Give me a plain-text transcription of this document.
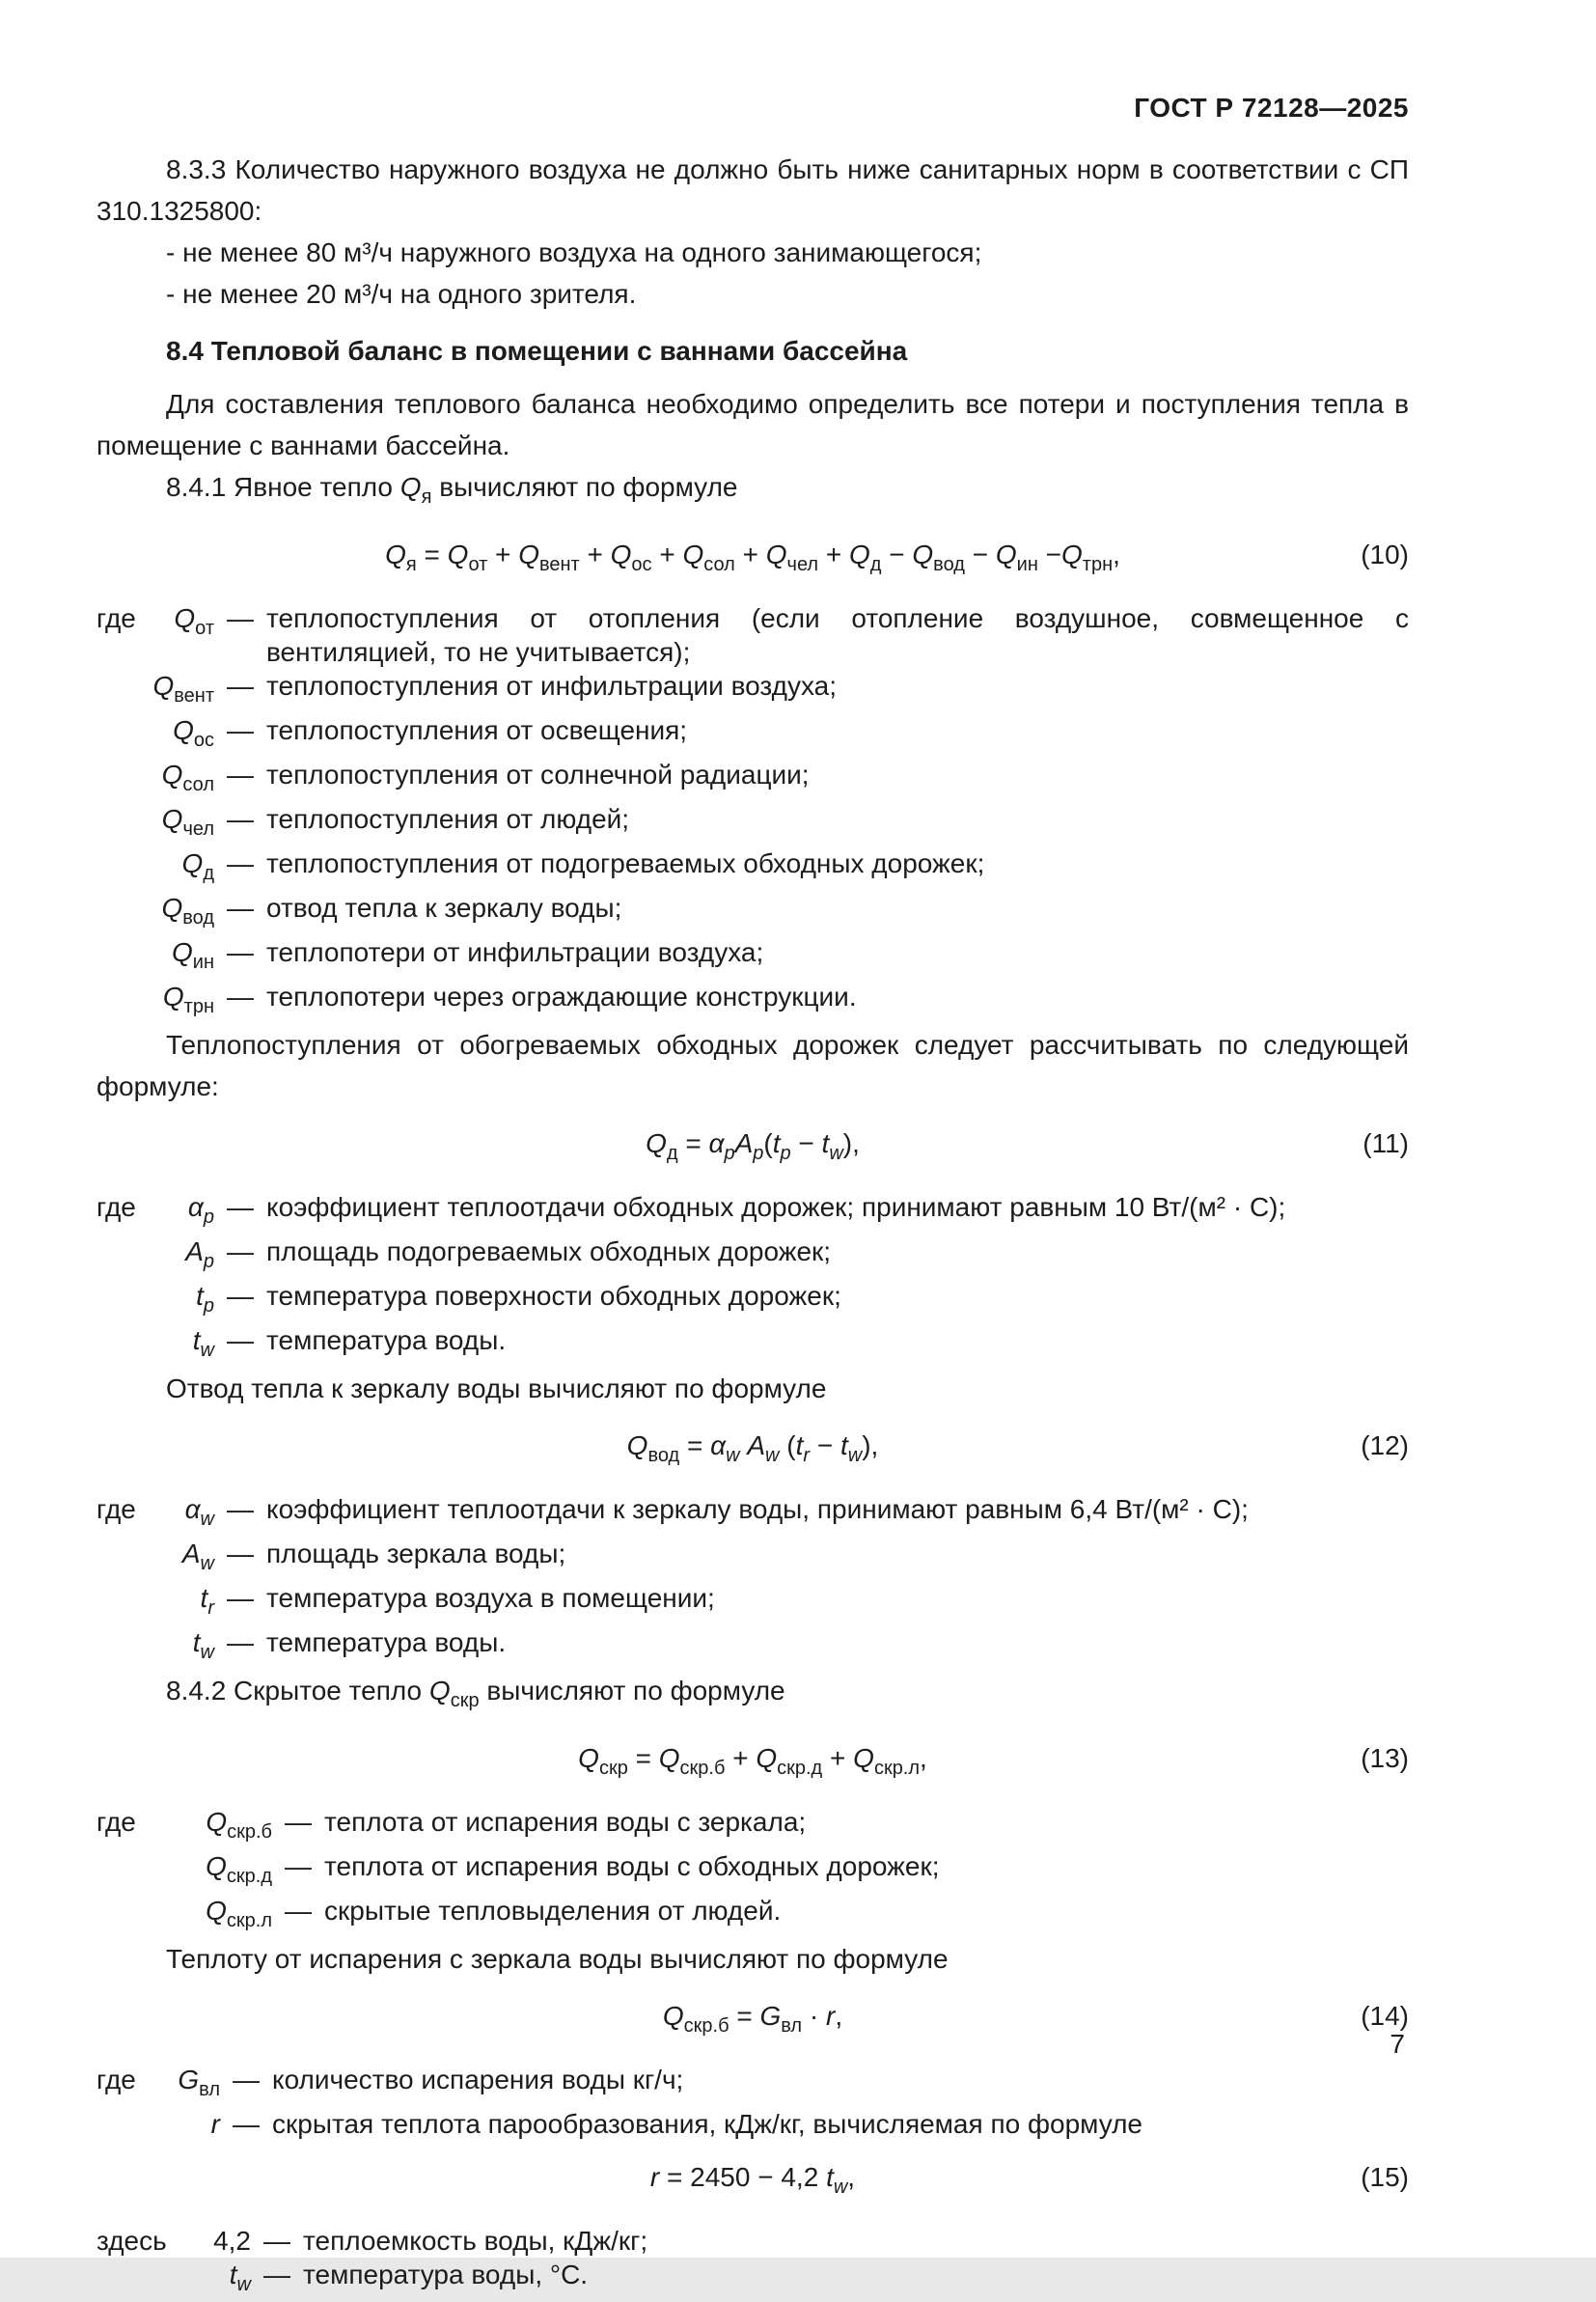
ГОСТ Р 72128—2025

8.3.3 Количество наружного воздуха не должно быть ниже санитарных норм в соответствии с СП 310.1325800:

- не менее 80 м³/ч наружного воздуха на одного занимающегося;

- не менее 20 м³/ч на одного зрителя.

8.4 Тепловой баланс в помещении с ваннами бассейна

Для составления теплового баланса необходимо определить все потери и поступления тепла в помещение с ваннами бассейна.

8.4.1 Явное тепло $Q_я$ вычисляют по формуле

$Q_я = Q_{от} + Q_{вент} + Q_{ос} + Q_{сол} + Q_{чел} + Q_д - Q_{вод} - Q_{ин} -Q_{трн}$,	(10)
где $Q_{от}$ — теплопоступления от отопления (если отопление воздушное, совмещенное с вентиляцией, то не учитывается);
$Q_{вент}$ — теплопоступления от инфильтрации воздуха;
$Q_{ос}$ — теплопоступления от освещения;
$Q_{сол}$ — теплопоступления от солнечной радиации;
$Q_{чел}$ — теплопоступления от людей;
$Q_д$ — теплопоступления от подогреваемых обходных дорожек;
$Q_{вод}$ — отвод тепла к зеркалу воды;
$Q_{ин}$ — теплопотери от инфильтрации воздуха;
$Q_{трн}$ — теплопотери через ограждающие конструкции.

Теплопоступления от обогреваемых обходных дорожек следует рассчитывать по следующей формуле:

$Q_д = \alpha_pA_p(t_p - t_w)$,	(11)
где $\alpha_p$ — коэффициент теплоотдачи обходных дорожек; принимают равным 10 Вт/(м² · С);
$A_p$ — площадь подогреваемых обходных дорожек;
$t_p$ — температура поверхности обходных дорожек;
$t_w$ — температура воды.

Отвод тепла к зеркалу воды вычисляют по формуле

$Q_{вод} = \alpha_w$ $A_w$ $(t_r - t_w)$,	(12)
где $\alpha_w$ — коэффициент теплоотдачи к зеркалу воды, принимают равным 6,4 Вт/(м² · С);
$A_w$ — площадь зеркала воды;
$t_r$ — температура воздуха в помещении;
$t_w$ — температура воды.

8.4.2 Скрытое тепло $Q_{скр}$ вычисляют по формуле

$Q_{скр} = Q_{скр.б} + Q_{скр.д} + Q_{скр.л}$,	(13)
где	$Q_{скр.б}$ — теплота от испарения воды с зеркала;
$Q_{скр.д}$ — теплота от испарения воды с обходных дорожек;
$Q_{скр.л}$ — скрытые тепловыделения от людей.

Теплоту от испарения с зеркала воды вычисляют по формуле

$Q_{скр.б} = G_{вл} \cdot r$,	(14)
где $G_{вл}$ — количество испарения воды кг/ч;
r — скрытая теплота парообразования, кДж/кг, вычисляемая по формуле
r = 2450 − 4,2 $t_w$,	(15)
здесь 4,2 — теплоемкость воды, кДж/кг;
$t_w$ — температура воды, °С.
7
